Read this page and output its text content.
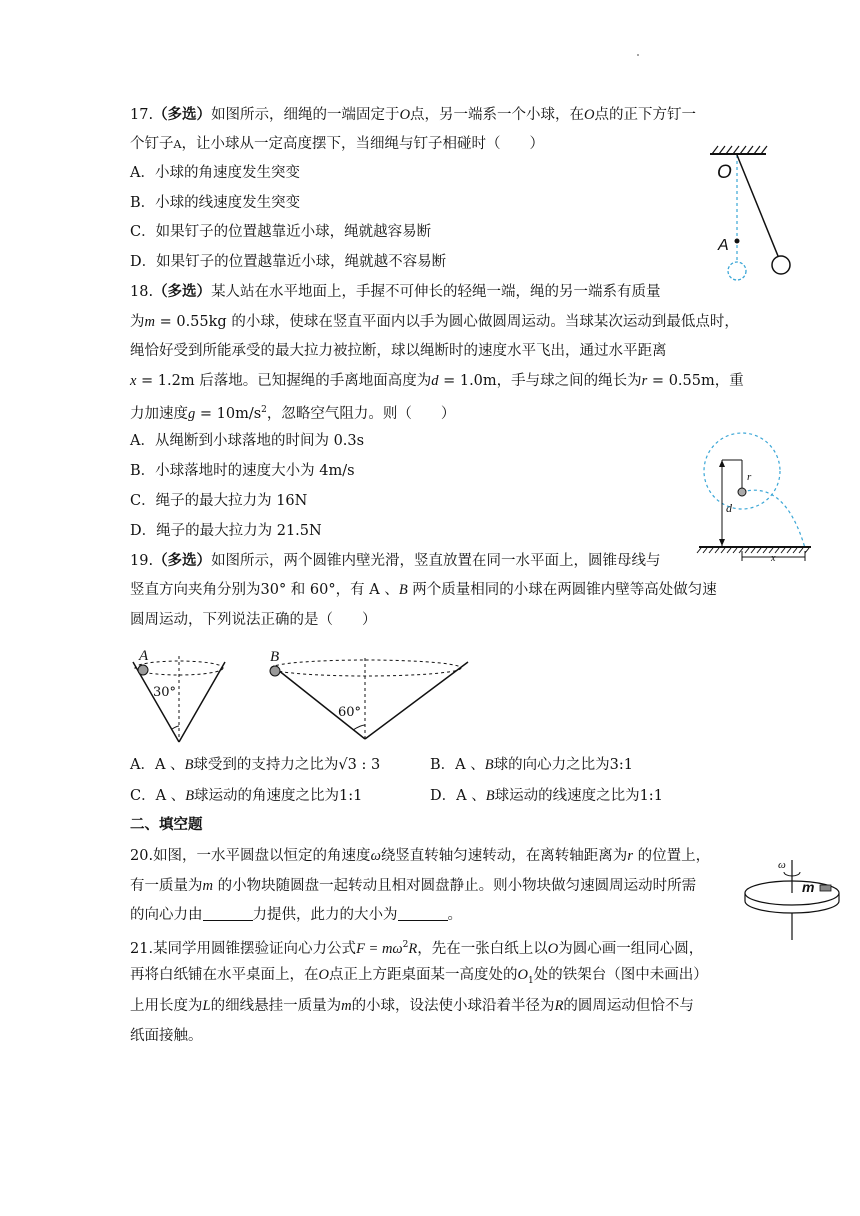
17.（多选）如图所示，细绳的一端固定于O点，另一端系一个小球，在O点的正下方钉一
个钉子A，让小球从一定高度摆下，当细绳与钉子相碰时（　　）
A．小球的角速度发生突变
B．小球的线速度发生突变
C．如果钉子的位置越靠近小球，绳就越容易断
D．如果钉子的位置越靠近小球，绳就越不容易断
O
A
18.（多选）某人站在水平地面上，手握不可伸长的轻绳一端，绳的另一端系有质量
为m = 0.55kg 的小球，使球在竖直平面内以手为圆心做圆周运动。当球某次运动到最低点时，
绳恰好受到所能承受的最大拉力被拉断，球以绳断时的速度水平飞出，通过水平距离
x = 1.2m 后落地。已知握绳的手离地面高度为d = 1.0m，手与球之间的绳长为r = 0.55m，重
力加速度$g = 10m/s^2$，忽略空气阻力。则（　　）
A．从绳断到小球落地的时间为 0.3s
B．小球落地时的速度大小为 4m/s
C．绳子的最大拉力为 16N
D．绳子的最大拉力为 21.5N
r
d
x
19.（多选）如图所示，两个圆锥内壁光滑，竖直放置在同一水平面上，圆锥母线与
竖直方向夹角分别为30° 和 60°，有 A 、B 两个质量相同的小球在两圆锥内壁等高处做匀速
圆周运动，下列说法正确的是（　　）
A
30°
B
60°
A．A 、B球受到的支持力之比为√3 : 3	B．A 、B球的向心力之比为3:1
C．A 、B球运动的角速度之比为1:1	D．A 、B球运动的线速度之比为1:1
二、填空题
20.如图，一水平圆盘以恒定的角速度ω绕竖直转轴匀速转动，在离转轴距离为r 的位置上，
有一质量为m 的小物块随圆盘一起转动且相对圆盘静止。则小物块做匀速圆周运动时所需
的向心力由	力提供，此力的大小为	。
ω
m
21.某同学用圆锥摆验证向心力公式$F = m\omega^2R$，先在一张白纸上以O为圆心画一组同心圆，
再将白纸铺在水平桌面上，在O点正上方距桌面某一高度处的$O_1$处的铁架台（图中未画出）
上用长度为L的细线悬挂一质量为m的小球，设法使小球沿着半径为R的圆周运动但恰不与
纸面接触。
